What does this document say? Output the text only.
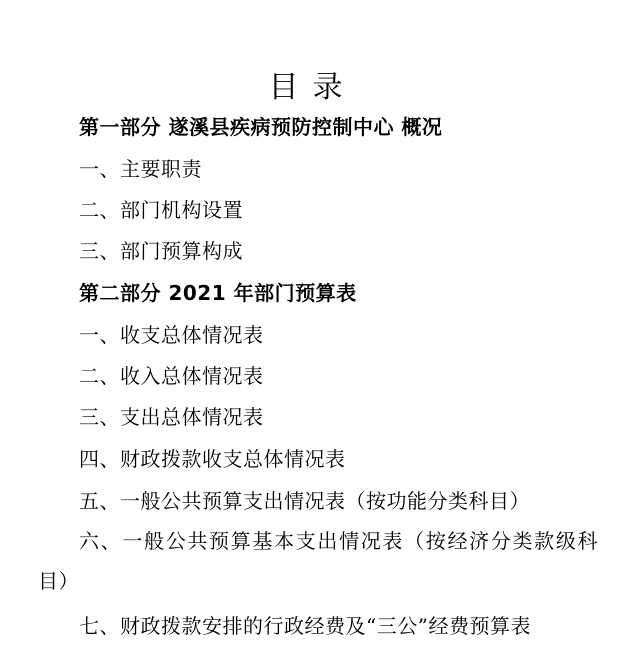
目录
第一部分 遂溪县疾病预防控制中心 概况
一、主要职责
二、部门机构设置
三、部门预算构成
第二部分 2021 年部门预算表
一、收支总体情况表
二、收入总体情况表
三、支出总体情况表
四、财政拨款收支总体情况表
五、一般公共预算支出情况表（按功能分类科目）
六、一般公共预算基本支出情况表（按经济分类款级科目）
七、财政拨款安排的行政经费及“三公”经费预算表
